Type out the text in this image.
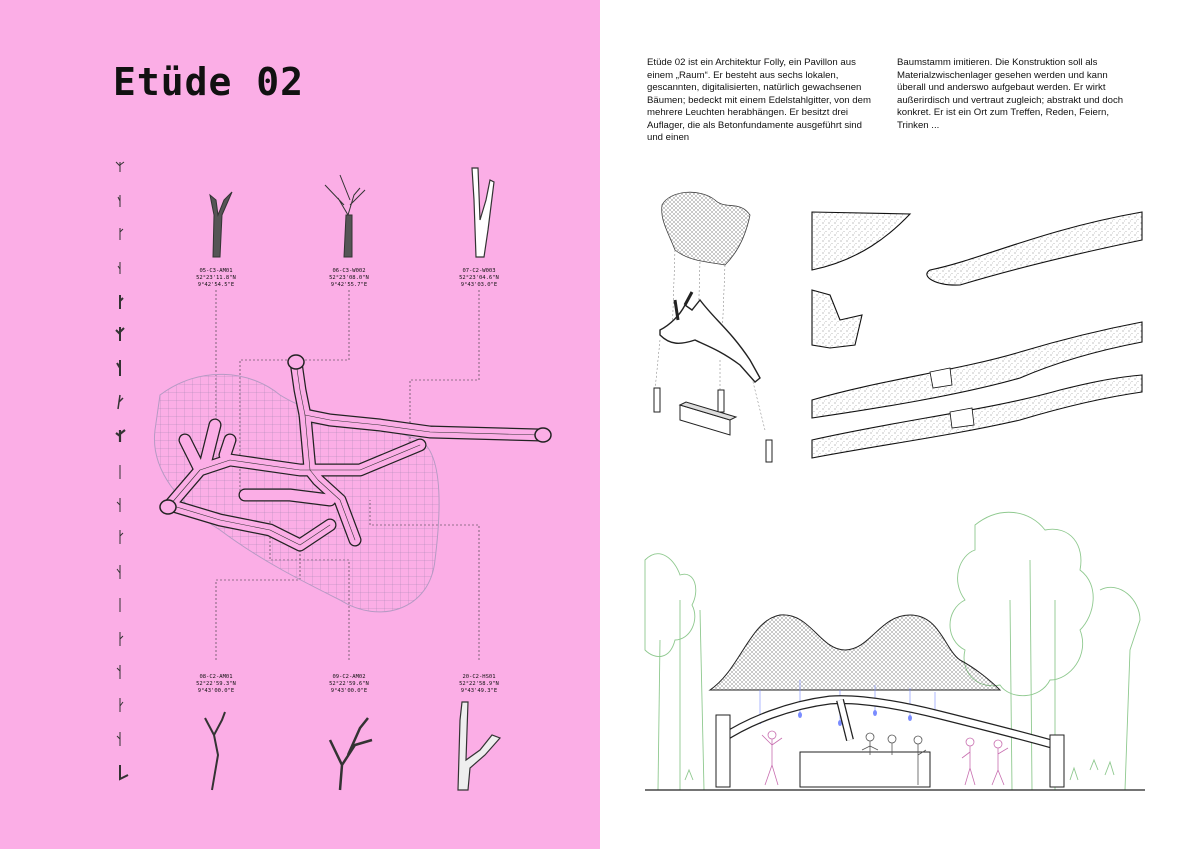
Etüde 02
05-C3-AM01
52°23'11.8"N
9°42'54.5"E
06-C3-W002
52°23'08.0"N
9°42'55.7"E
07-C2-W003
52°23'04.6"N
9°43'03.0"E
08-C2-AM01
52°22'59.3"N
9°43'00.0"E
09-C2-AM02
52°22'59.6"N
9°43'00.0"E
20-C2-HS01
52°22'58.9"N
9°43'49.3"E

Etüde 02 ist ein Architektur Folly, ein Pavillon aus einem „Raum“. Er besteht aus sechs lokalen, gescannten, digitalisierten, natürlich gewachsenen Bäumen; bedeckt mit einem Edelstahlgitter, von dem mehrere Leuchten herabhängen. Er besitzt drei Auflager, die als Betonfundamente ausgeführt sind und einen

Baumstamm imitieren. Die Konstruktion soll als Materialzwischenlager gesehen werden und kann überall und anderswo aufgebaut werden. Er wirkt außerirdisch und vertraut zugleich; abstrakt und doch konkret. Er ist ein Ort zum Treffen, Reden, Feiern, Trinken ...
